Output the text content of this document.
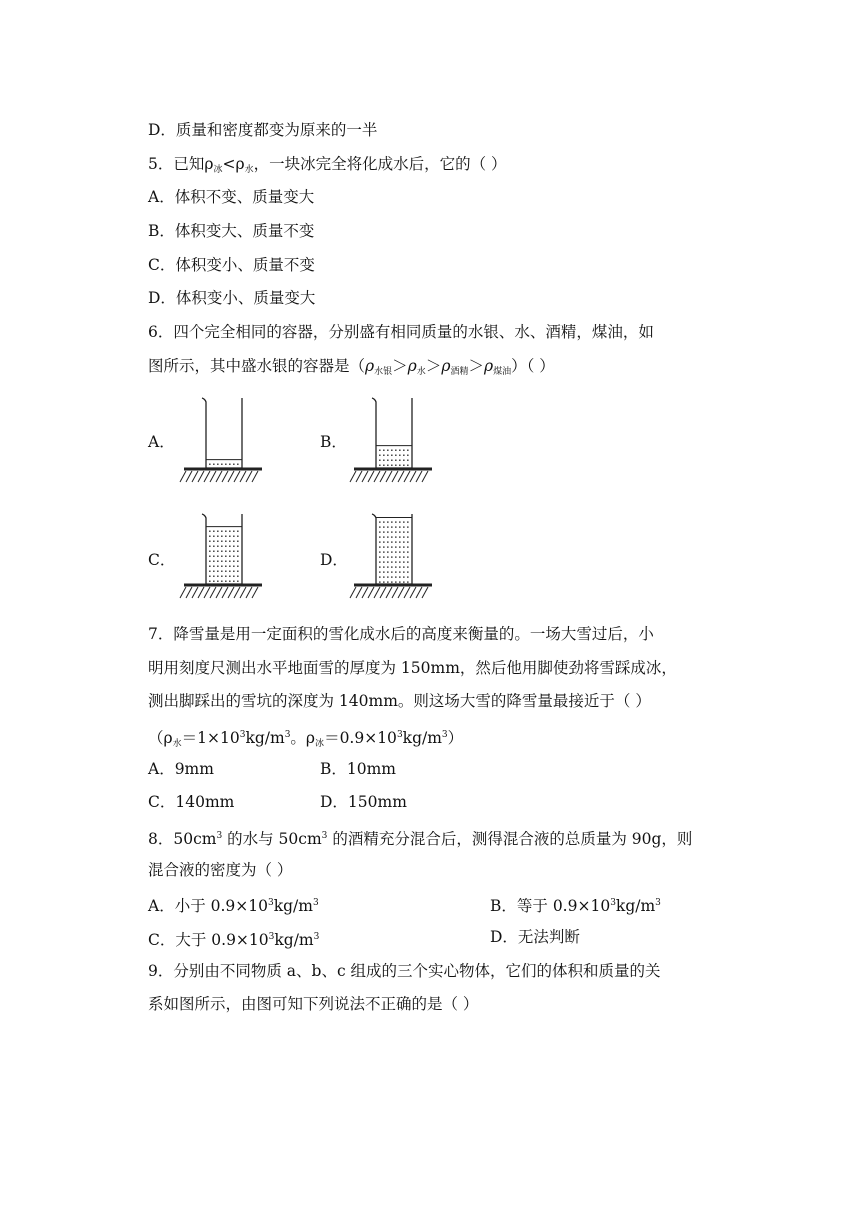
D．质量和密度都变为原来的一半
5．已知$\rho_冰<\rho_水$，一块冰完全将化成水后，它的（ ）
A．体积不变、质量变大
B．体积变大、质量不变
C．体积变小、质量不变
D．体积变小、质量变大
6．四个完全相同的容器，分别盛有相同质量的水银、水、酒精，煤油，如
图所示，其中盛水银的容器是$(\rho_{水银}>\rho_水>\rho_{酒精}>\rho_{煤油})$（ ）
A．	B．
C．	D．
7．降雪量是用一定面积的雪化成水后的高度来衡量的。一场大雪过后，小
明用刻度尺测出水平地面雪的厚度为 150mm，然后他用脚使劲将雪踩成冰，
测出脚踩出的雪坑的深度为 140mm。则这场大雪的降雪量最接近于（ ）
（$\rho_水=1\times 10^3kg/m^3$。$\rho_冰=0.9\times 10^3kg/m^3$）
A．9mm	B．10mm
C．140mm	D．150mm
8．$50cm^3$ 的水与 $50cm^3$ 的酒精充分混合后，测得混合液的总质量为 90g，则
混合液的密度为（ ）
A．小于 $0.9\times 10^3kg/m^3$	B．等于 $0.9\times 10^3kg/m^3$
C．大于 $0.9\times 10^3kg/m^3$	D．无法判断
9．分别由不同物质 a、b、c 组成的三个实心物体，它们的体积和质量的关
系如图所示，由图可知下列说法不正确的是（ ）
